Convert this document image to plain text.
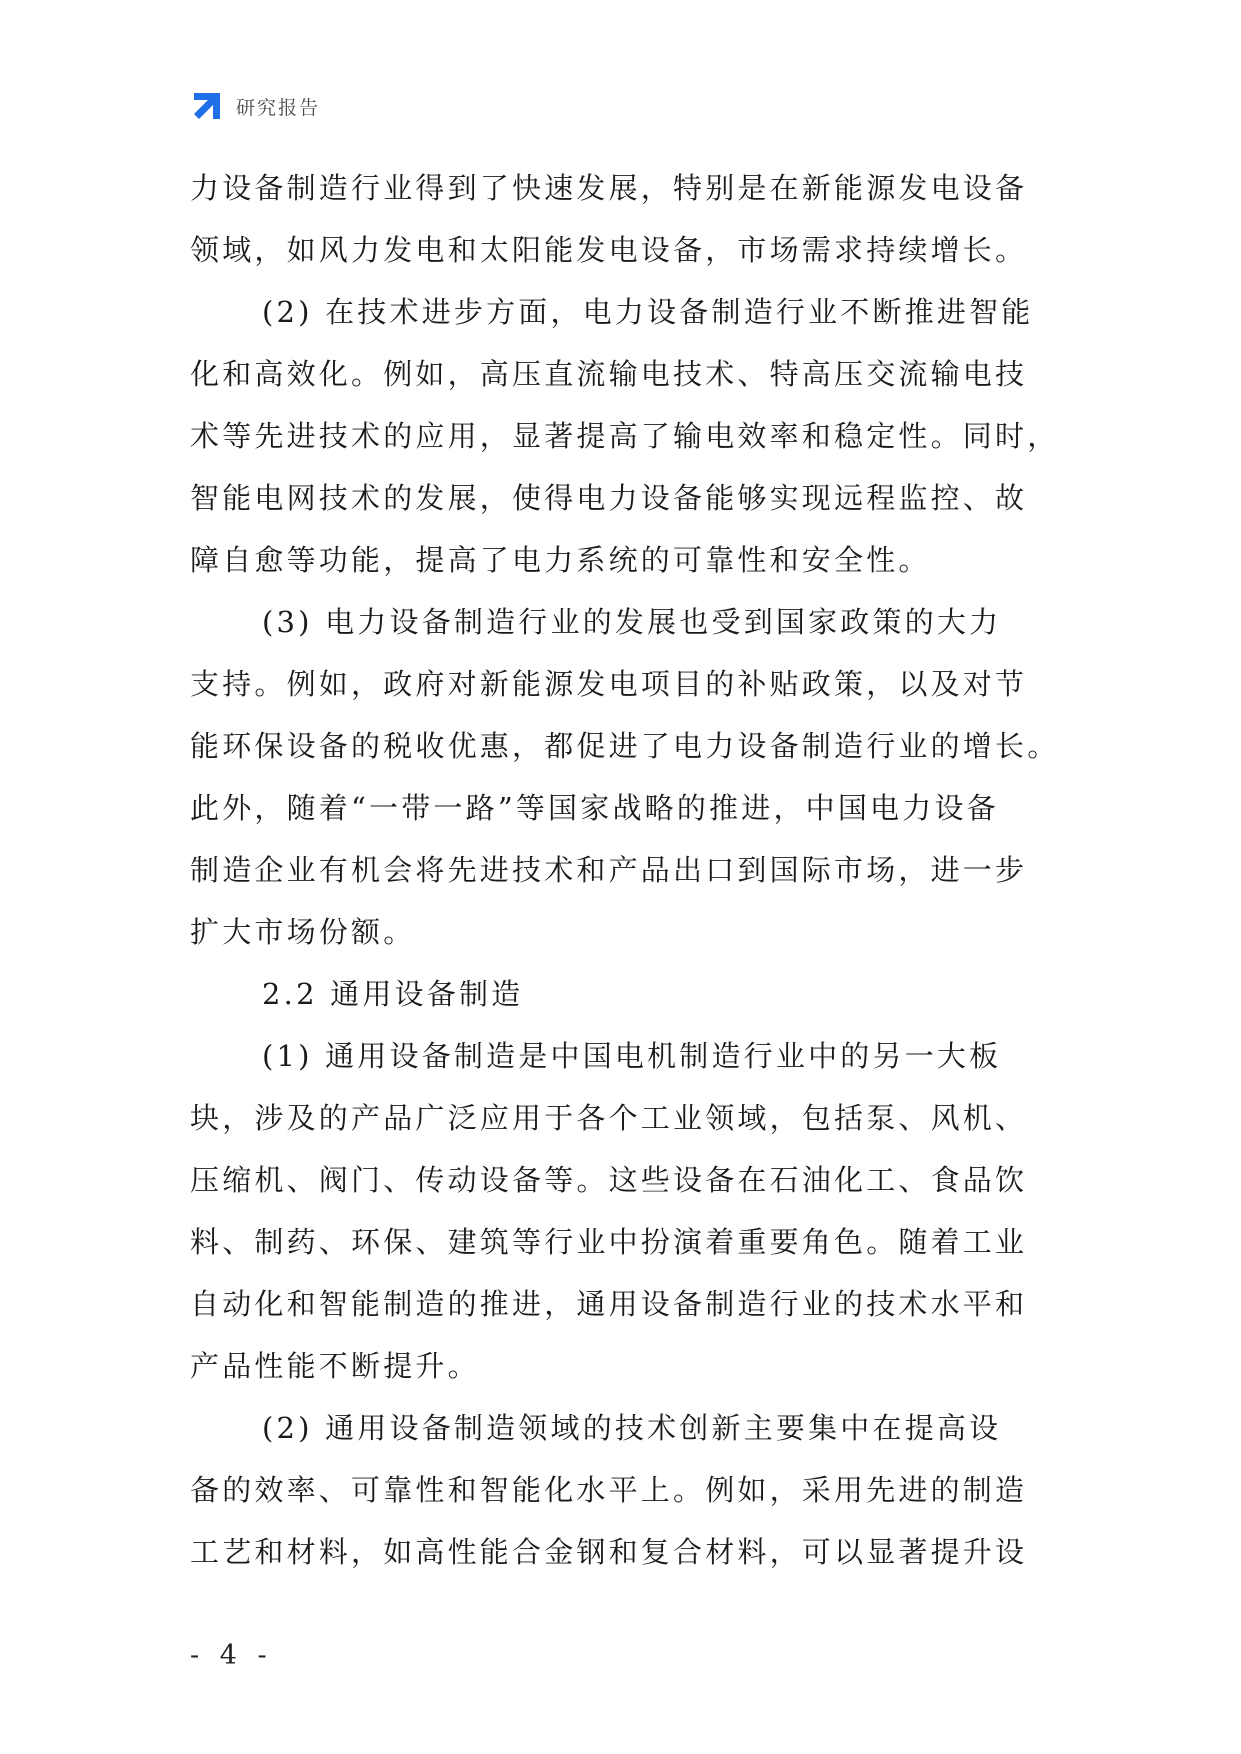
研究报告
力设备制造行业得到了快速发展，特别是在新能源发电设备
领域，如风力发电和太阳能发电设备，市场需求持续增长。
(2) 在技术进步方面，电力设备制造行业不断推进智能
化和高效化。例如，高压直流输电技术、特高压交流输电技
术等先进技术的应用，显著提高了输电效率和稳定性。同时，
智能电网技术的发展，使得电力设备能够实现远程监控、故
障自愈等功能，提高了电力系统的可靠性和安全性。
(3) 电力设备制造行业的发展也受到国家政策的大力
支持。例如，政府对新能源发电项目的补贴政策，以及对节
能环保设备的税收优惠，都促进了电力设备制造行业的增长。
此外，随着“一带一路”等国家战略的推进，中国电力设备
制造企业有机会将先进技术和产品出口到国际市场，进一步
扩大市场份额。
2.2 通用设备制造
(1) 通用设备制造是中国电机制造行业中的另一大板
块，涉及的产品广泛应用于各个工业领域，包括泵、风机、
压缩机、阀门、传动设备等。这些设备在石油化工、食品饮
料、制药、环保、建筑等行业中扮演着重要角色。随着工业
自动化和智能制造的推进，通用设备制造行业的技术水平和
产品性能不断提升。
(2) 通用设备制造领域的技术创新主要集中在提高设
备的效率、可靠性和智能化水平上。例如，采用先进的制造
工艺和材料，如高性能合金钢和复合材料，可以显著提升设
- 4 -
